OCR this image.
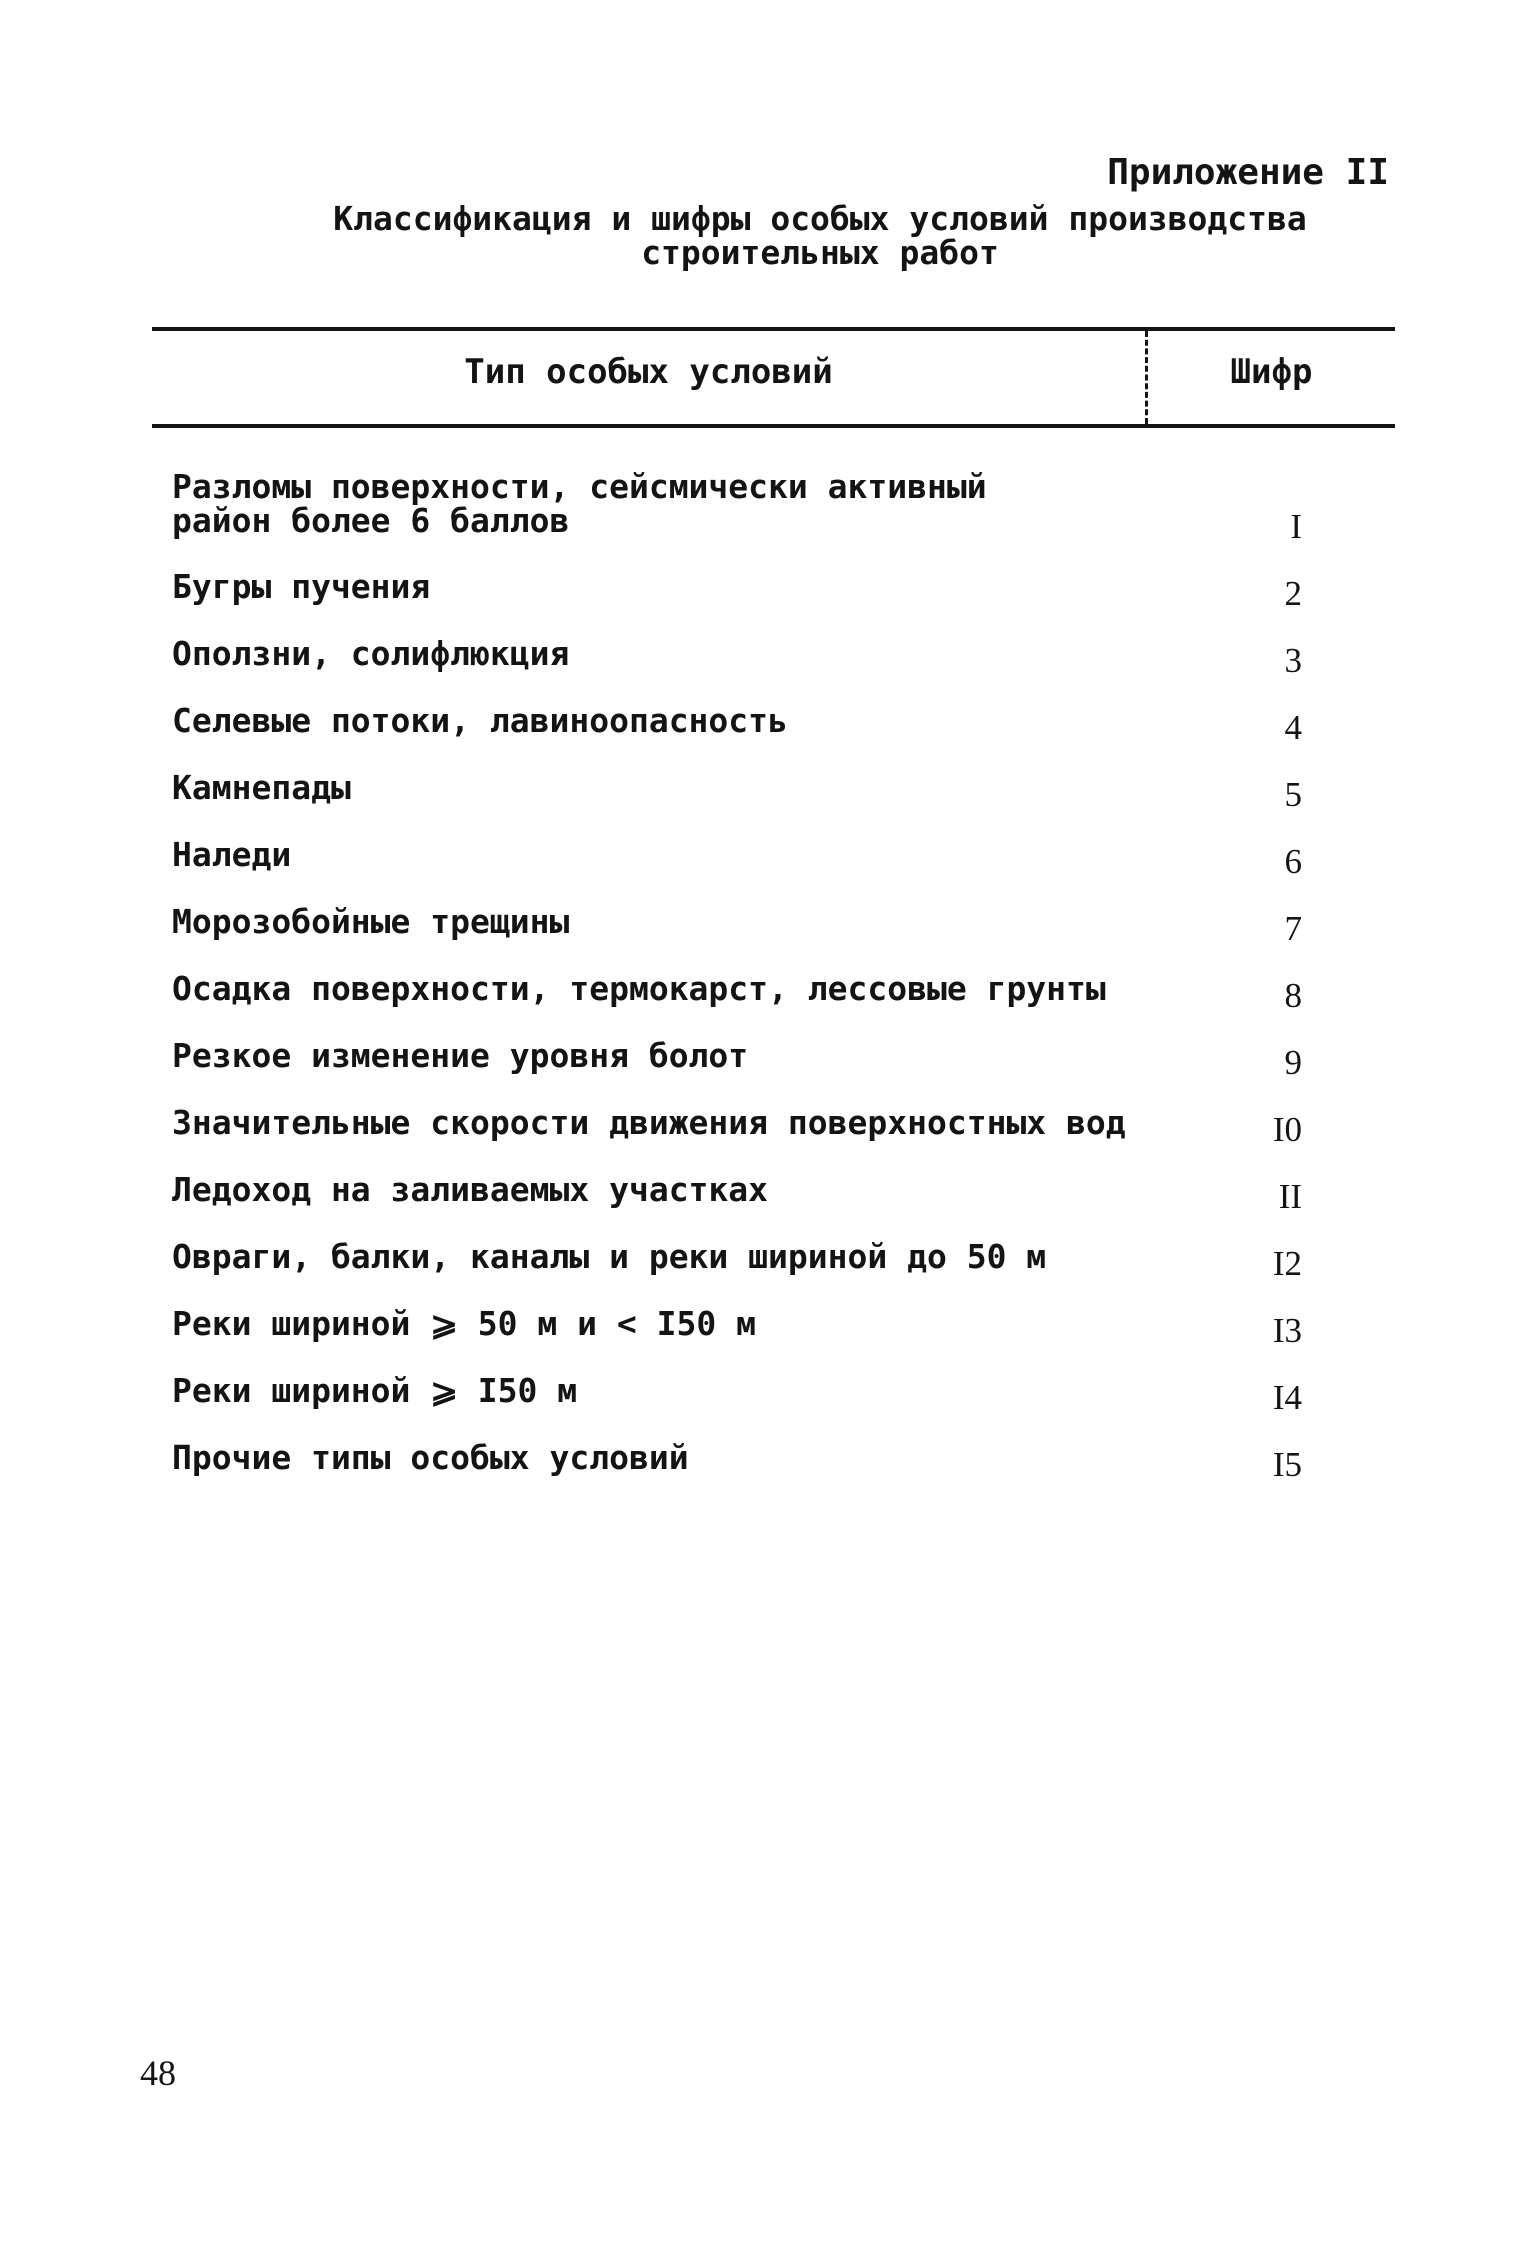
Приложение II
Классификация и шифры особых условий производства
строительных работ
Тип особых условий	Шифр
Разломы поверхности, сейсмически активный
район более 6 баллов	I
Бугры пучения	2
Оползни, солифлюкция	3
Селевые потоки, лавиноопасность	4
Камнепады	5
Наледи	6
Морозобойные трещины	7
Осадка поверхности, термокарст, лессовые грунты	8
Резкое изменение уровня болот	9
Значительные скорости движения поверхностных вод	I0
Ледоход на заливаемых участках	II
Овраги, балки, каналы и реки шириной до 50 м	I2
Реки шириной ⩾ 50 м и < I50 м	I3
Реки шириной ⩾ I50 м	I4
Прочие типы особых условий	I5
48
